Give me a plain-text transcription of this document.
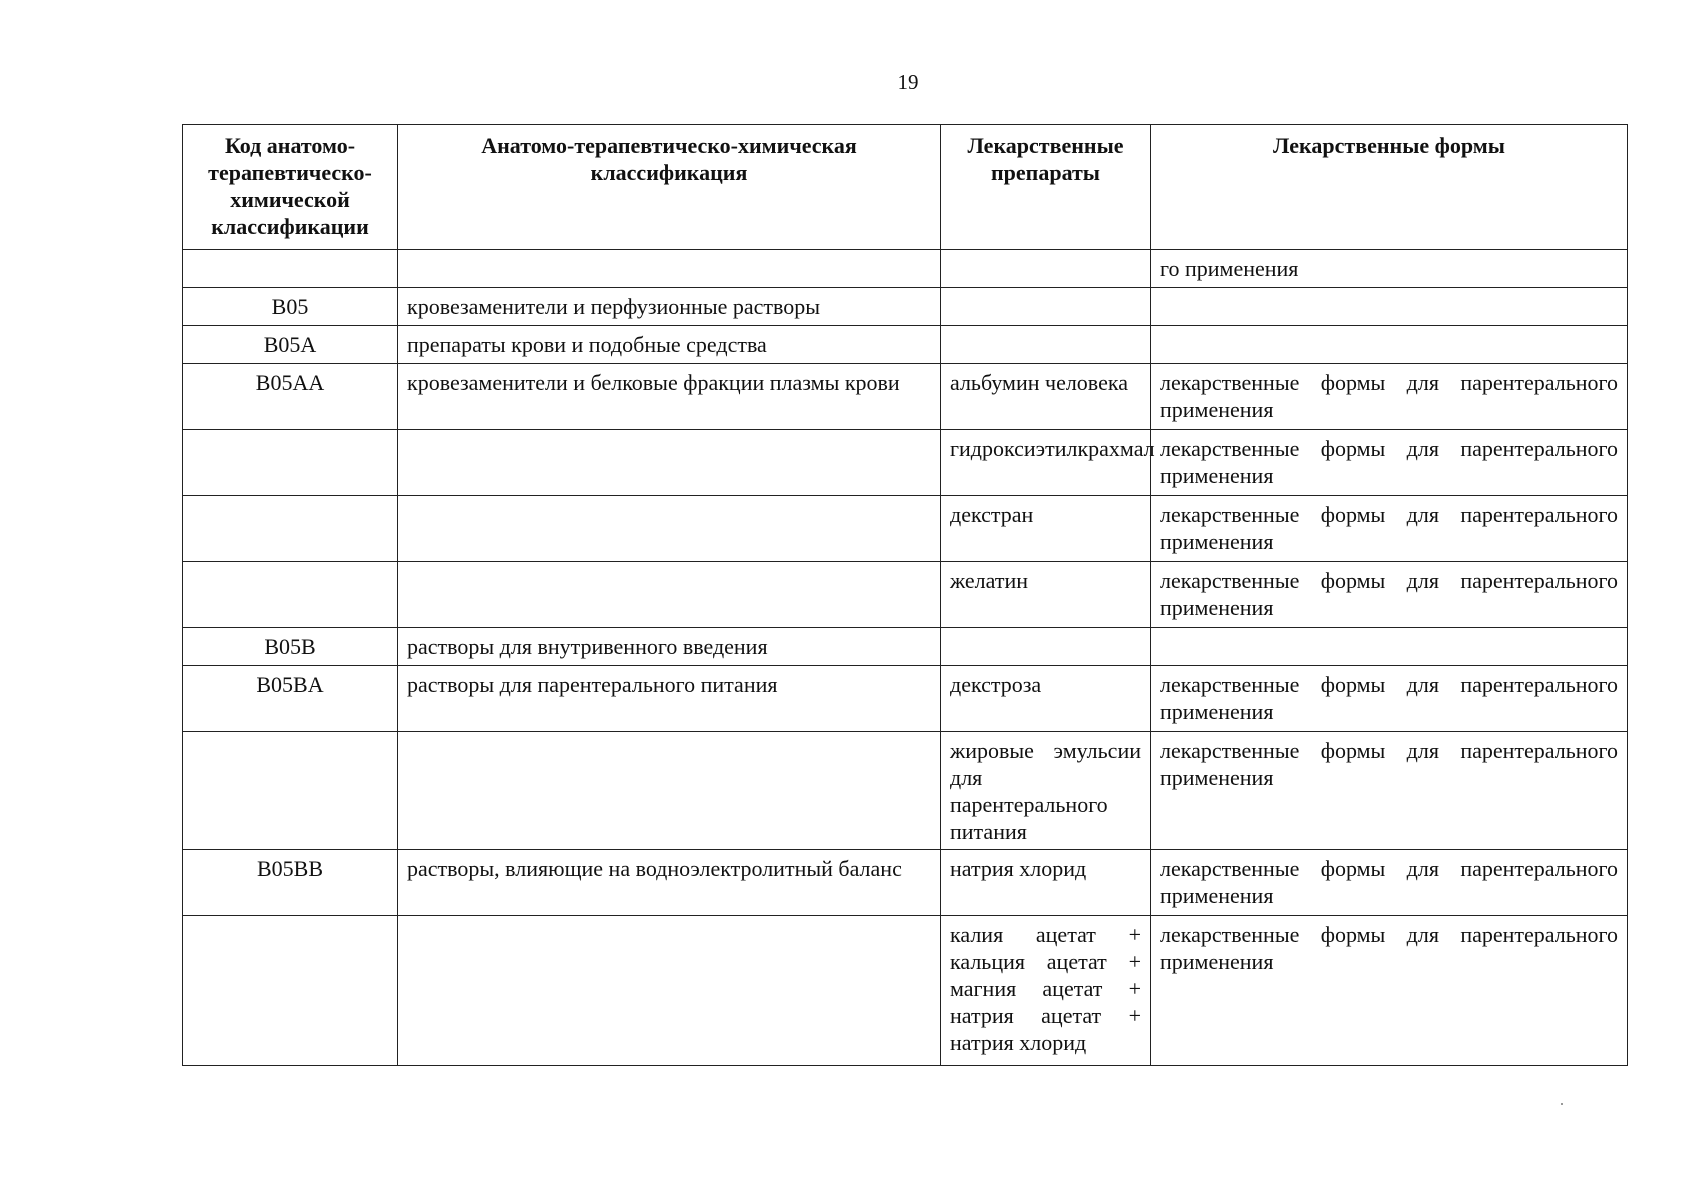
19
Код анатомо-терапевтическо-химической классификации	Анатомо-терапевтическо-химическая классификация	Лекарственные препараты	Лекарственные формы
			го применения
B05	кровезаменители и перфузионные растворы		
B05A	препараты крови и подобные средства		
B05AA	кровезаменители и белковые фракции плазмы крови	альбумин человека	лекарственные формы для парентерального применения
		гидроксиэтилкрахмал	лекарственные формы для парентерального применения
		декстран	лекарственные формы для парентерального применения
		желатин	лекарственные формы для парентерального применения
B05B	растворы для внутривенного введения		
B05BA	растворы для парентерального питания	декстроза	лекарственные формы для парентерального применения
		жировые эмульсии для парентерального питания	лекарственные формы для парентерального применения
B05BB	растворы, влияющие на водноэлектролитный баланс	натрия хлорид	лекарственные формы для парентерального применения
		калия ацетат + кальция ацетат + магния ацетат + натрия ацетат + натрия хлорид	лекарственные формы для парентерального применения
